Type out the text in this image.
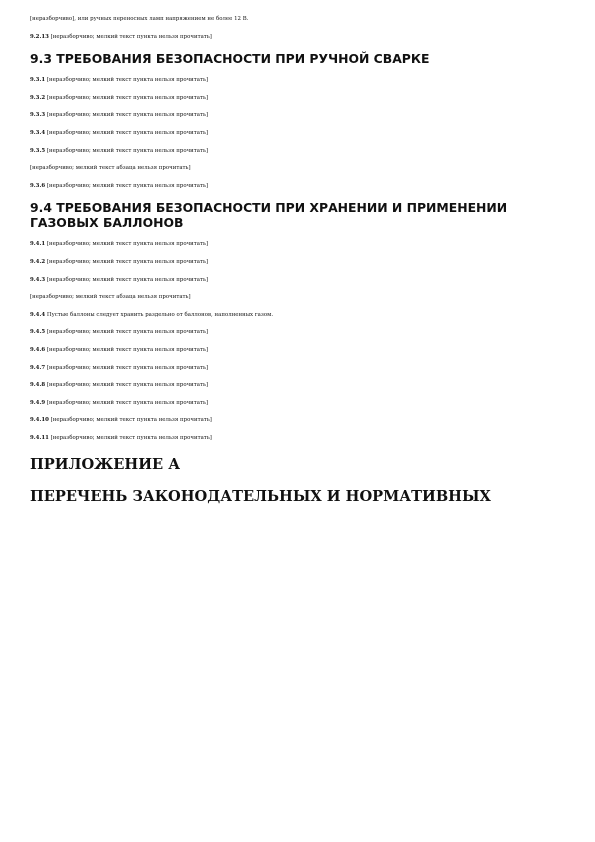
[неразборчиво], или ручных переносных ламп напряжением не более 12 В.

9.2.13 [неразборчиво; мелкий текст пункта нельзя прочитать]

9.3 ТРЕБОВАНИЯ БЕЗОПАСНОСТИ ПРИ РУЧНОЙ СВАРКЕ

9.3.1 [неразборчиво; мелкий текст пункта нельзя прочитать]

9.3.2 [неразборчиво; мелкий текст пункта нельзя прочитать]

9.3.3 [неразборчиво; мелкий текст пункта нельзя прочитать]

9.3.4 [неразборчиво; мелкий текст пункта нельзя прочитать]

9.3.5 [неразборчиво; мелкий текст пункта нельзя прочитать]

[неразборчиво; мелкий текст абзаца нельзя прочитать]

9.3.6 [неразборчиво; мелкий текст пункта нельзя прочитать]

9.4 ТРЕБОВАНИЯ БЕЗОПАСНОСТИ ПРИ ХРАНЕНИИ И ПРИМЕНЕНИИ ГАЗОВЫХ БАЛЛОНОВ

9.4.1 [неразборчиво; мелкий текст пункта нельзя прочитать]

9.4.2 [неразборчиво; мелкий текст пункта нельзя прочитать]

9.4.3 [неразборчиво; мелкий текст пункта нельзя прочитать]

[неразборчиво; мелкий текст абзаца нельзя прочитать]

9.4.4 Пустые баллоны следует хранить раздельно от баллонов, наполненных газом.

9.4.5 [неразборчиво; мелкий текст пункта нельзя прочитать]

9.4.6 [неразборчиво; мелкий текст пункта нельзя прочитать]

9.4.7 [неразборчиво; мелкий текст пункта нельзя прочитать]

9.4.8 [неразборчиво; мелкий текст пункта нельзя прочитать]

9.4.9 [неразборчиво; мелкий текст пункта нельзя прочитать]

9.4.10 [неразборчиво; мелкий текст пункта нельзя прочитать]

9.4.11 [неразборчиво; мелкий текст пункта нельзя прочитать]

ПРИЛОЖЕНИЕ А
ПЕРЕЧЕНЬ ЗАКОНОДАТЕЛЬНЫХ И НОРМАТИВНЫХ
